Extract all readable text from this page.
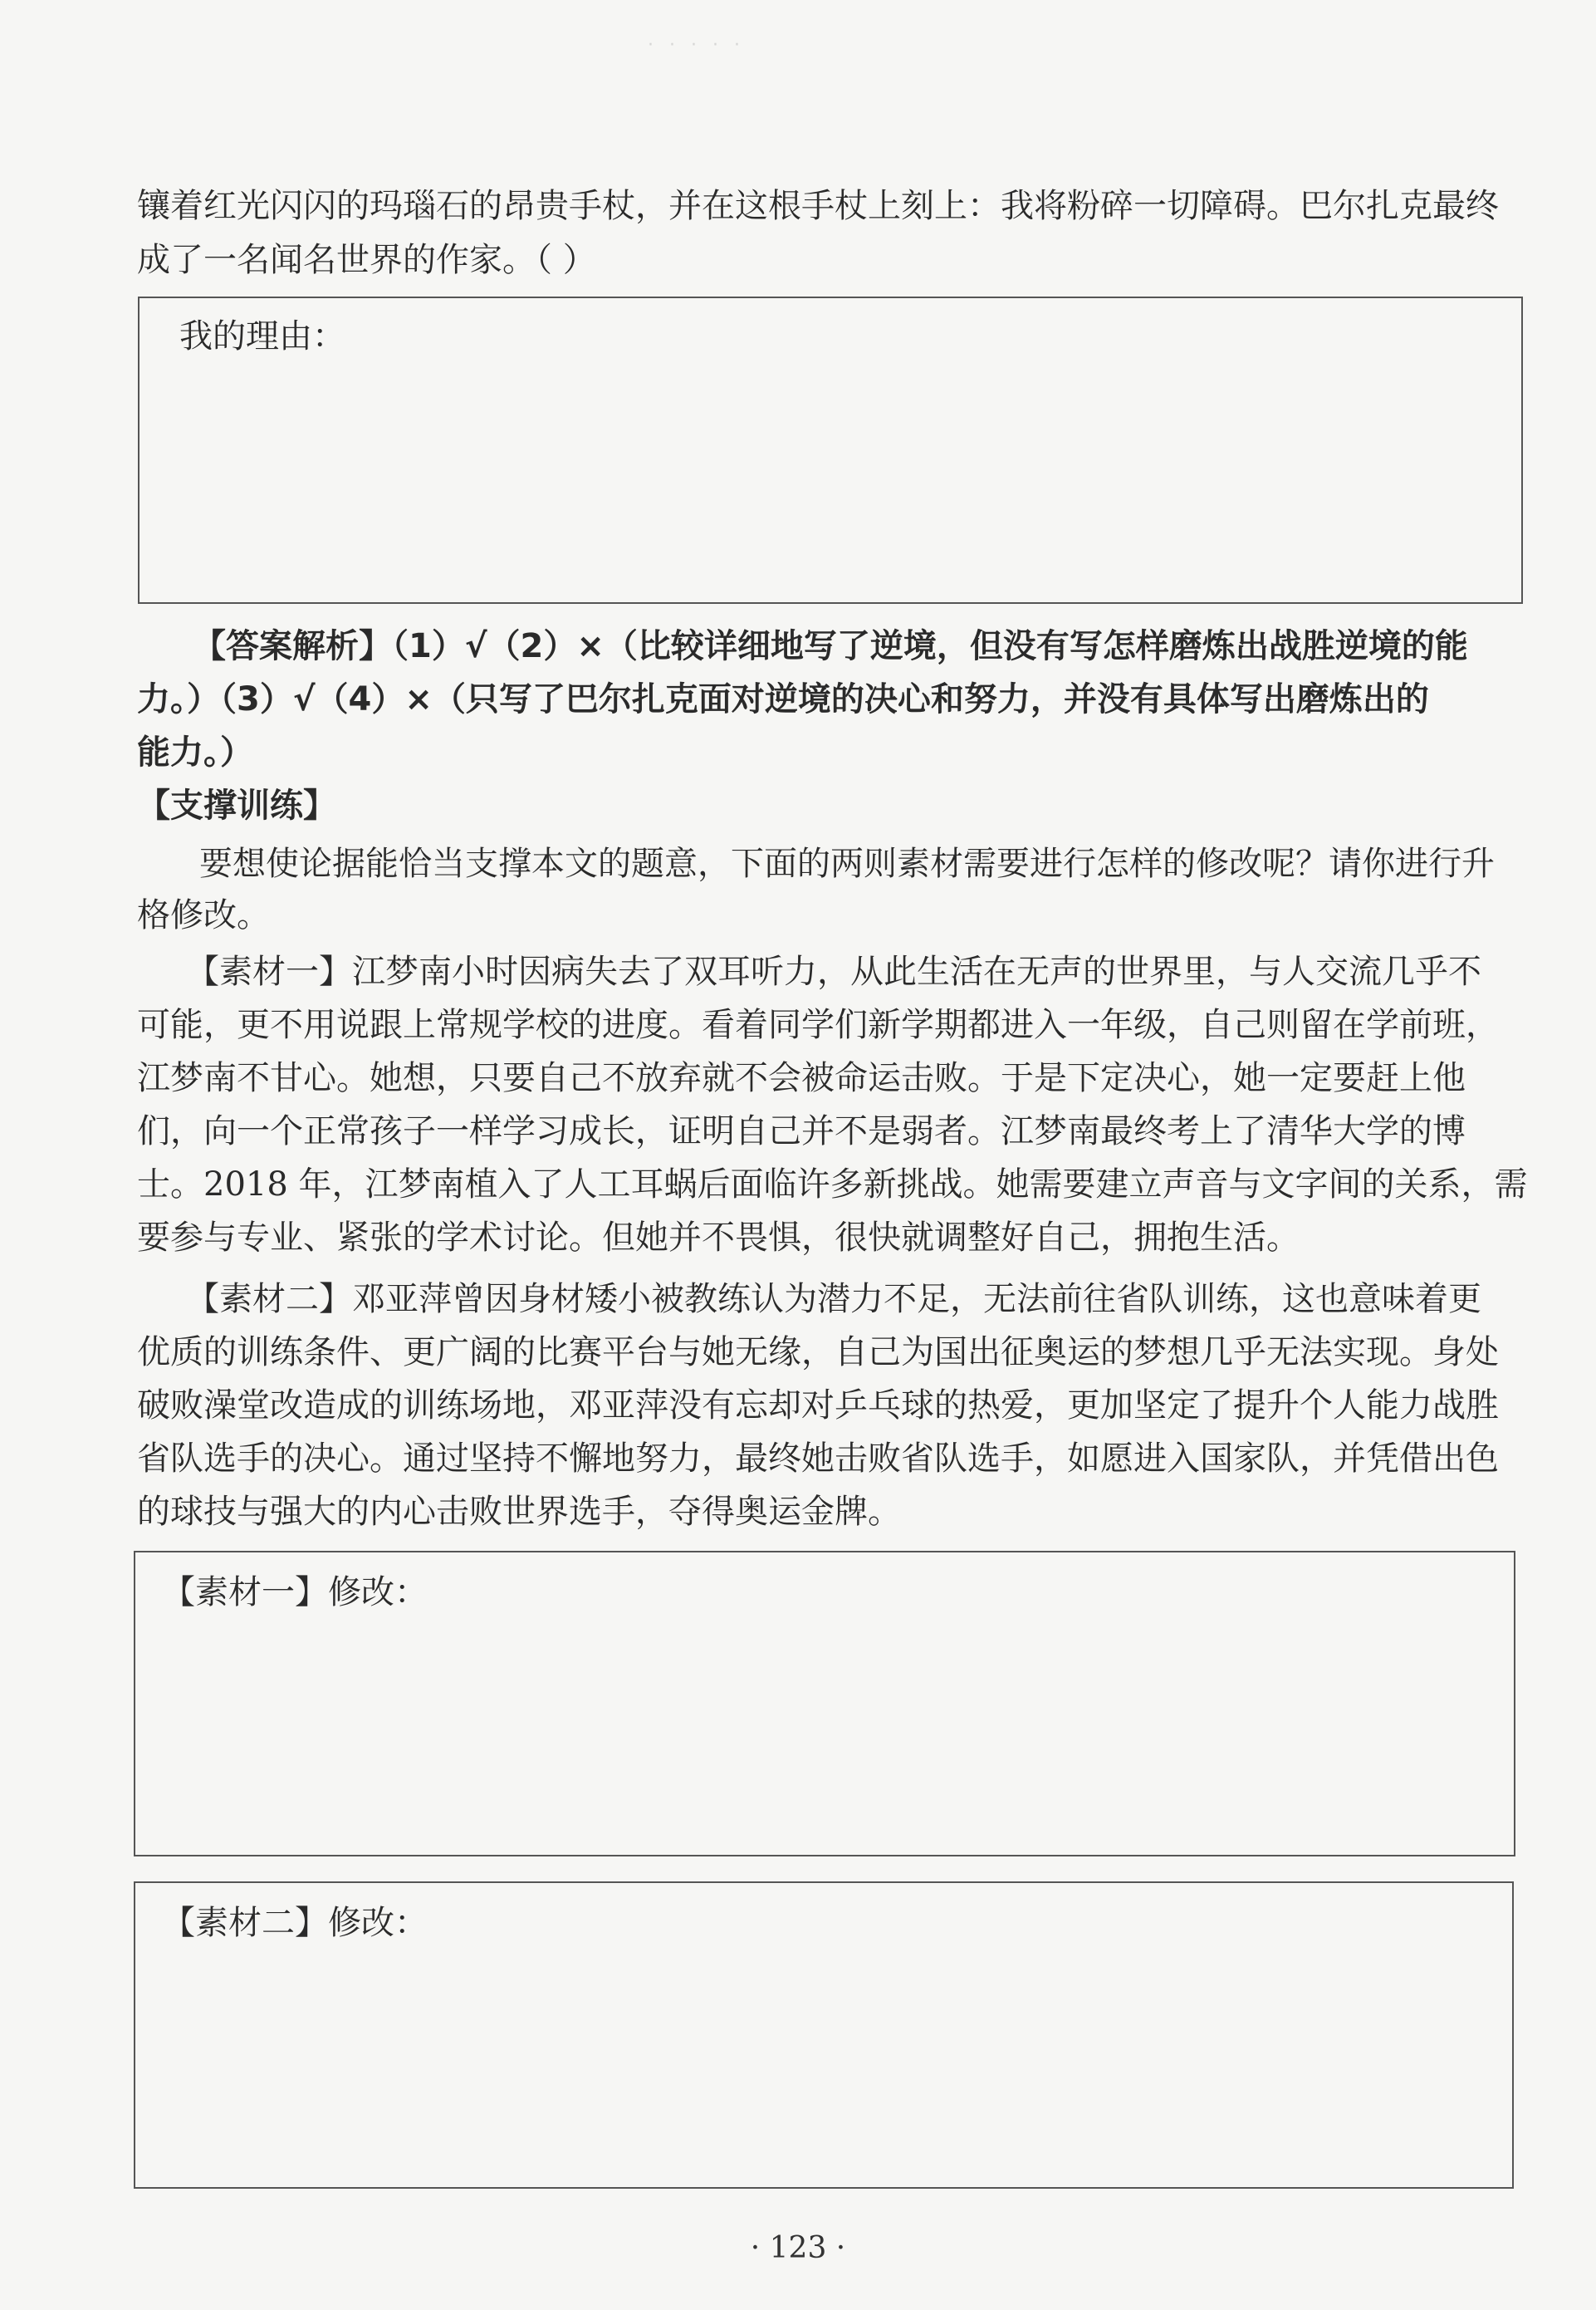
· · · · ·
镶着红光闪闪的玛瑙石的昂贵手杖，并在这根手杖上刻上：我将粉碎一切障碍。巴尔扎克最终
成了一名闻名世界的作家。（ ）
我的理由：
【答案解析】（1）√（2）×（比较详细地写了逆境，但没有写怎样磨炼出战胜逆境的能
力。）（3）√（4）×（只写了巴尔扎克面对逆境的决心和努力，并没有具体写出磨炼出的
能力。）
【支撑训练】
要想使论据能恰当支撑本文的题意，下面的两则素材需要进行怎样的修改呢？请你进行升
格修改。
【素材一】江梦南小时因病失去了双耳听力，从此生活在无声的世界里，与人交流几乎不
可能，更不用说跟上常规学校的进度。看着同学们新学期都进入一年级，自己则留在学前班，
江梦南不甘心。她想，只要自己不放弃就不会被命运击败。于是下定决心，她一定要赶上他
们，向一个正常孩子一样学习成长，证明自己并不是弱者。江梦南最终考上了清华大学的博
士。2018 年，江梦南植入了人工耳蜗后面临许多新挑战。她需要建立声音与文字间的关系，需
要参与专业、紧张的学术讨论。但她并不畏惧，很快就调整好自己，拥抱生活。
【素材二】邓亚萍曾因身材矮小被教练认为潜力不足，无法前往省队训练，这也意味着更
优质的训练条件、更广阔的比赛平台与她无缘，自己为国出征奥运的梦想几乎无法实现。身处
破败澡堂改造成的训练场地，邓亚萍没有忘却对乒乓球的热爱，更加坚定了提升个人能力战胜
省队选手的决心。通过坚持不懈地努力，最终她击败省队选手，如愿进入国家队，并凭借出色
的球技与强大的内心击败世界选手，夺得奥运金牌。
【素材一】修改：
【素材二】修改：
· 123 ·
